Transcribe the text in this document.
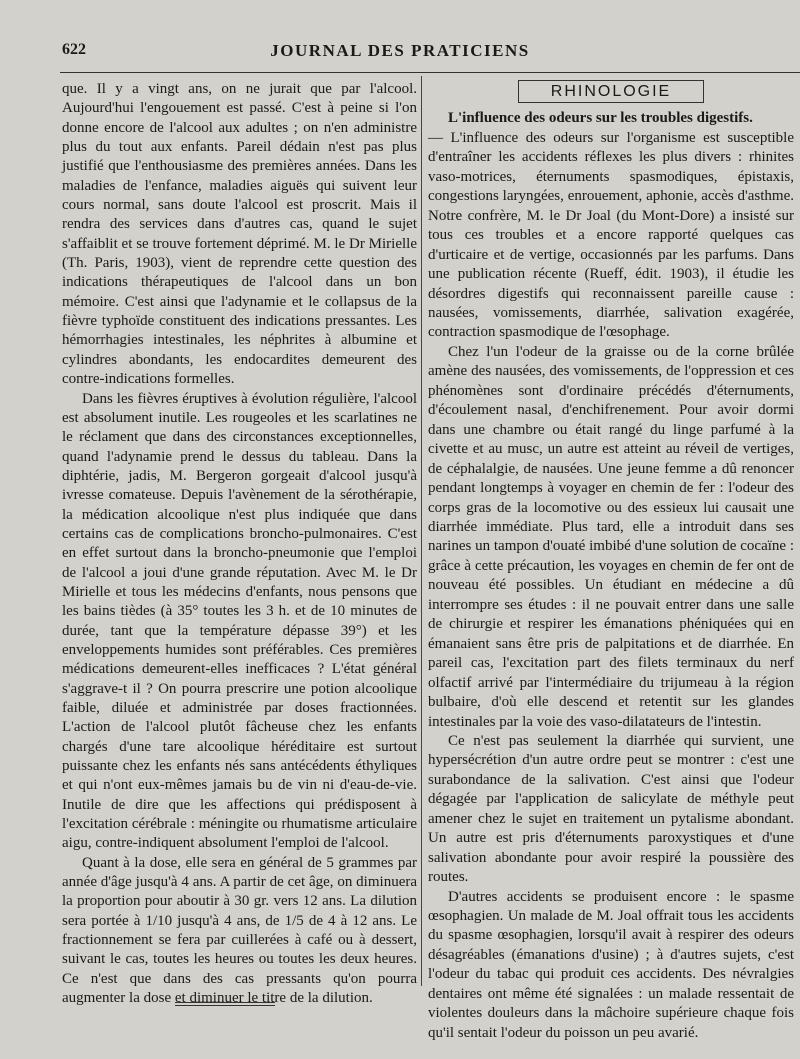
622	JOURNAL DES PRATICIENS

que. Il y a vingt ans, on ne jurait que par l'alcool. Aujourd'hui l'engouement est passé. C'est à peine si l'on donne encore de l'alcool aux adultes ; on n'en administre plus du tout aux enfants. Pareil dédain n'est pas plus justifié que l'enthousiasme des premières années. Dans les maladies de l'enfance, maladies aiguës qui suivent leur cours normal, sans doute l'alcool est proscrit. Mais il rendra des services dans d'autres cas, quand le sujet s'affaiblit et se trouve fortement déprimé. M. le Dr Mirielle (Th. Paris, 1903), vient de reprendre cette question des indications thérapeutiques de l'alcool dans un bon mémoire. C'est ainsi que l'adynamie et le collapsus de la fièvre typhoïde constituent des indications pressantes. Les hémorrhagies intestinales, les néphrites à albumine et cylindres abondants, les endocardites demeurent des contre-indications formelles.

Dans les fièvres éruptives à évolution régulière, l'alcool est absolument inutile. Les rougeoles et les scarlatines ne le réclament que dans des circonstances exceptionnelles, quand l'adynamie prend le dessus du tableau. Dans la diphtérie, jadis, M. Bergeron gorgeait d'alcool jusqu'à ivresse comateuse. Depuis l'avènement de la sérothérapie, la médication alcoolique n'est plus indiquée que dans certains cas de complications broncho-pulmonaires. C'est en effet surtout dans la broncho-pneumonie que l'emploi de l'alcool a joui d'une grande réputation. Avec M. le Dr Mirielle et tous les médecins d'enfants, nous pensons que les bains tièdes (à 35° toutes les 3 h. et de 10 minutes de durée, tant que la température dépasse 39°) et les enveloppements humides sont préférables. Ces premières médications demeurent-elles inefficaces ? L'état général s'aggrave-t il ? On pourra prescrire une potion alcoolique faible, diluée et administrée par doses fractionnées. L'action de l'alcool plutôt fâcheuse chez les enfants chargés d'une tare alcoolique héréditaire est surtout puissante chez les enfants nés sans antécédents éthyliques et qui n'ont eux-mêmes jamais bu de vin ni d'eau-de-vie. Inutile de dire que les affections qui prédisposent à l'excitation cérébrale : méningite ou rhumatisme articulaire aigu, contre-indiquent absolument l'emploi de l'alcool.

Quant à la dose, elle sera en général de 5 grammes par année d'âge jusqu'à 4 ans. A partir de cet âge, on diminuera la proportion pour aboutir à 30 gr. vers 12 ans. La dilution sera portée à 1/10 jusqu'à 4 ans, de 1/5 de 4 à 12 ans. Le fractionnement se fera par cuillerées à café ou à dessert, suivant le cas, toutes les heures ou toutes les deux heures. Ce n'est que dans des cas pressants qu'on pourra augmenter la dose et diminuer le titre de la dilution.

RHINOLOGIE

L'influence des odeurs sur les troubles digestifs.

— L'influence des odeurs sur l'organisme est susceptible d'entraîner les accidents réflexes les plus divers : rhinites vaso-motrices, éternuments spasmodiques, épistaxis, congestions laryngées, enrouement, aphonie, accès d'asthme. Notre confrère, M. le Dr Joal (du Mont-Dore) a insisté sur tous ces troubles et a encore rapporté quelques cas d'urticaire et de vertige, occasionnés par les parfums. Dans une publication récente (Rueff, édit. 1903), il étudie les désordres digestifs qui reconnaissent pareille cause : nausées, vomissements, diarrhée, salivation exagérée, contraction spasmodique de l'œsophage.

Chez l'un l'odeur de la graisse ou de la corne brûlée amène des nausées, des vomissements, de l'oppression et ces phénomènes sont d'ordinaire précédés d'éternuments, d'écoulement nasal, d'enchifrenement. Pour avoir dormi dans une chambre ou était rangé du linge parfumé à la civette et au musc, un autre est atteint au réveil de vertiges, de céphalalgie, de nausées. Une jeune femme a dû renoncer pendant longtemps à voyager en chemin de fer : l'odeur des corps gras de la locomotive ou des essieux lui causait une diarrhée immédiate. Plus tard, elle a introduit dans ses narines un tampon d'ouaté imbibé d'une solution de cocaïne : grâce à cette précaution, les voyages en chemin de fer ont de nouveau été possibles. Un étudiant en médecine a dû interrompre ses études : il ne pouvait entrer dans une salle de chirurgie et respirer les émanations phéniquées qui en émanaient sans être pris de palpitations et de diarrhée. En pareil cas, l'excitation part des filets terminaux du nerf olfactif arrivé par l'intermédiaire du trijumeau à la région bulbaire, d'où elle descend et retentit sur les glandes intestinales par la voie des vaso-dilatateurs de l'intestin.

Ce n'est pas seulement la diarrhée qui survient, une hypersécrétion d'un autre ordre peut se montrer : c'est une surabondance de la salivation. C'est ainsi que l'odeur dégagée par l'application de salicylate de méthyle peut amener chez le sujet en traitement un pytalisme abondant. Un autre est pris d'éternuments paroxystiques et d'une salivation abondante pour avoir respiré la poussière des routes.

D'autres accidents se produisent encore : le spasme œsophagien. Un malade de M. Joal offrait tous les accidents du spasme œsophagien, lorsqu'il avait à respirer des odeurs désagréables (émanations d'usine) ; à d'autres sujets, c'est l'odeur du tabac qui produit ces accidents. Des névralgies dentaires ont même été signalées : un malade ressentait de violentes douleurs dans la mâchoire supérieure chaque fois qu'il sentait l'odeur du poisson un peu avarié.
